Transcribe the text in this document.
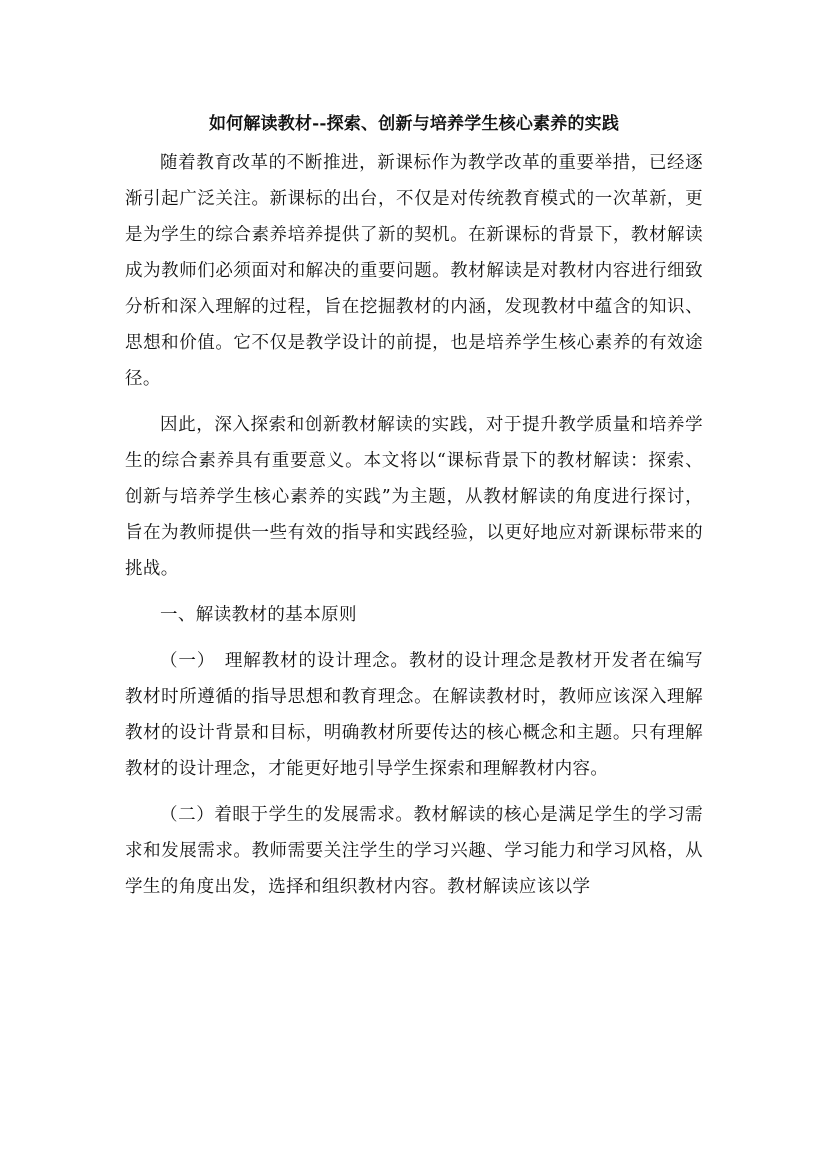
如何解读教材--探索、创新与培养学生核心素养的实践

随着教育改革的不断推进，新课标作为教学改革的重要举措，已经逐渐引起广泛关注。新课标的出台，不仅是对传统教育模式的一次革新，更是为学生的综合素养培养提供了新的契机。在新课标的背景下，教材解读成为教师们必须面对和解决的重要问题。教材解读是对教材内容进行细致分析和深入理解的过程，旨在挖掘教材的内涵，发现教材中蕴含的知识、思想和价值。它不仅是教学设计的前提，也是培养学生核心素养的有效途径。

因此，深入探索和创新教材解读的实践，对于提升教学质量和培养学生的综合素养具有重要意义。本文将以“课标背景下的教材解读：探索、创新与培养学生核心素养的实践”为主题，从教材解读的角度进行探讨，旨在为教师提供一些有效的指导和实践经验，以更好地应对新课标带来的挑战。

一、解读教材的基本原则

（一）　理解教材的设计理念。教材的设计理念是教材开发者在编写教材时所遵循的指导思想和教育理念。在解读教材时，教师应该深入理解教材的设计背景和目标，明确教材所要传达的核心概念和主题。只有理解教材的设计理念，才能更好地引导学生探索和理解教材内容。

（二）着眼于学生的发展需求。教材解读的核心是满足学生的学习需求和发展需求。教师需要关注学生的学习兴趣、学习能力和学习风格，从学生的角度出发，选择和组织教材内容。教材解读应该以学
